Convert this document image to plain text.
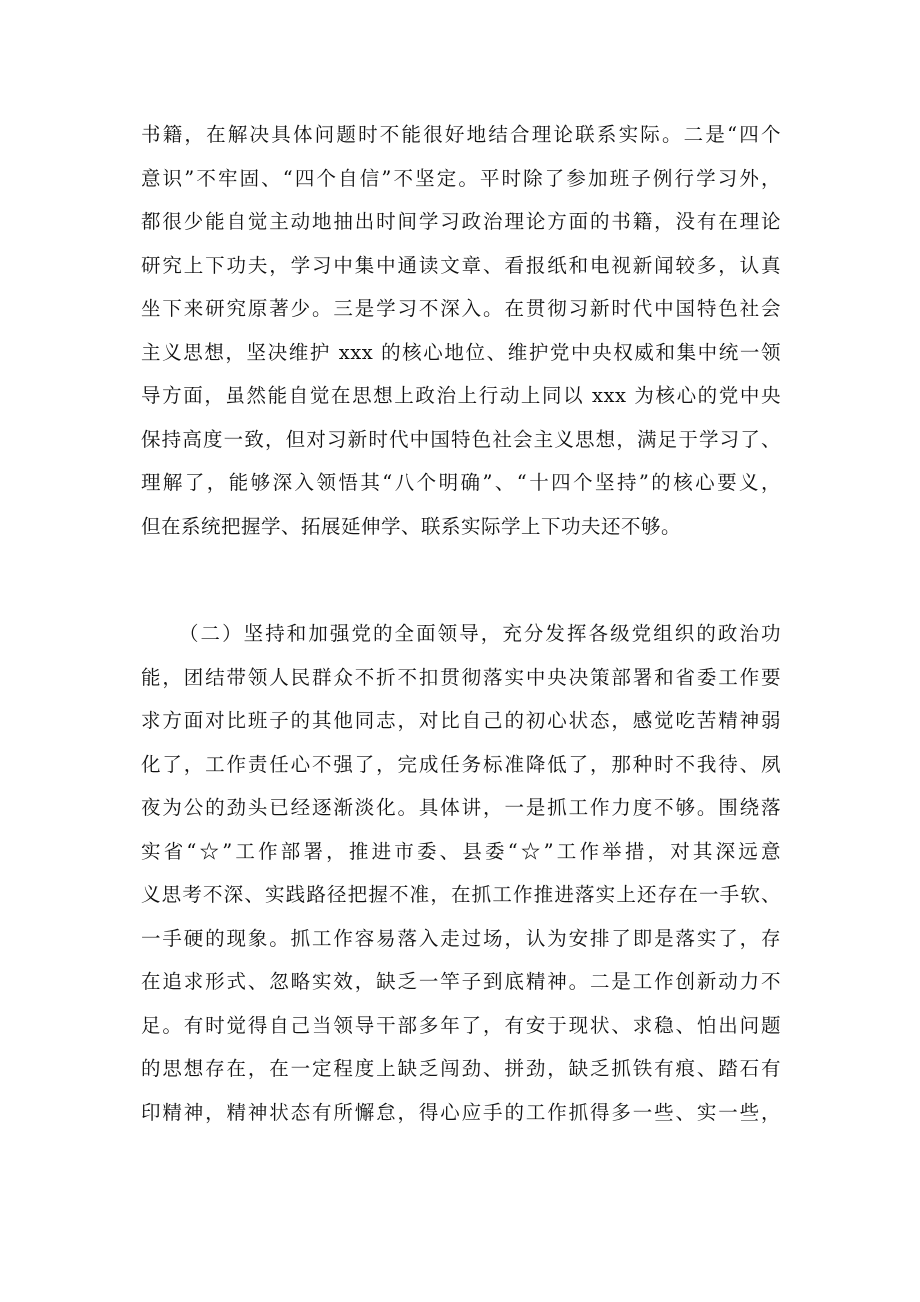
书籍，在解决具体问题时不能很好地结合理论联系实际。二是“四个
意识”不牢固、“四个自信”不坚定。平时除了参加班子例行学习外，
都很少能自觉主动地抽出时间学习政治理论方面的书籍，没有在理论
研究上下功夫，学习中集中通读文章、看报纸和电视新闻较多，认真
坐下来研究原著少。三是学习不深入。在贯彻习新时代中国特色社会
主义思想，坚决维护 xxx 的核心地位、维护党中央权威和集中统一领
导方面，虽然能自觉在思想上政治上行动上同以 xxx 为核心的党中央
保持高度一致，但对习新时代中国特色社会主义思想，满足于学习了、
理解了，能够深入领悟其“八个明确”、“十四个坚持”的核心要义，
但在系统把握学、拓展延伸学、联系实际学上下功夫还不够。
（二）坚持和加强党的全面领导，充分发挥各级党组织的政治功
能，团结带领人民群众不折不扣贯彻落实中央决策部署和省委工作要
求方面对比班子的其他同志，对比自己的初心状态，感觉吃苦精神弱
化了，工作责任心不强了，完成任务标准降低了，那种时不我待、夙
夜为公的劲头已经逐渐淡化。具体讲，一是抓工作力度不够。围绕落
实省“☆”工作部署，推进市委、县委“☆”工作举措，对其深远意
义思考不深、实践路径把握不准，在抓工作推进落实上还存在一手软、
一手硬的现象。抓工作容易落入走过场，认为安排了即是落实了，存
在追求形式、忽略实效，缺乏一竿子到底精神。二是工作创新动力不
足。有时觉得自己当领导干部多年了，有安于现状、求稳、怕出问题
的思想存在，在一定程度上缺乏闯劲、拼劲，缺乏抓铁有痕、踏石有
印精神，精神状态有所懈怠，得心应手的工作抓得多一些、实一些，
